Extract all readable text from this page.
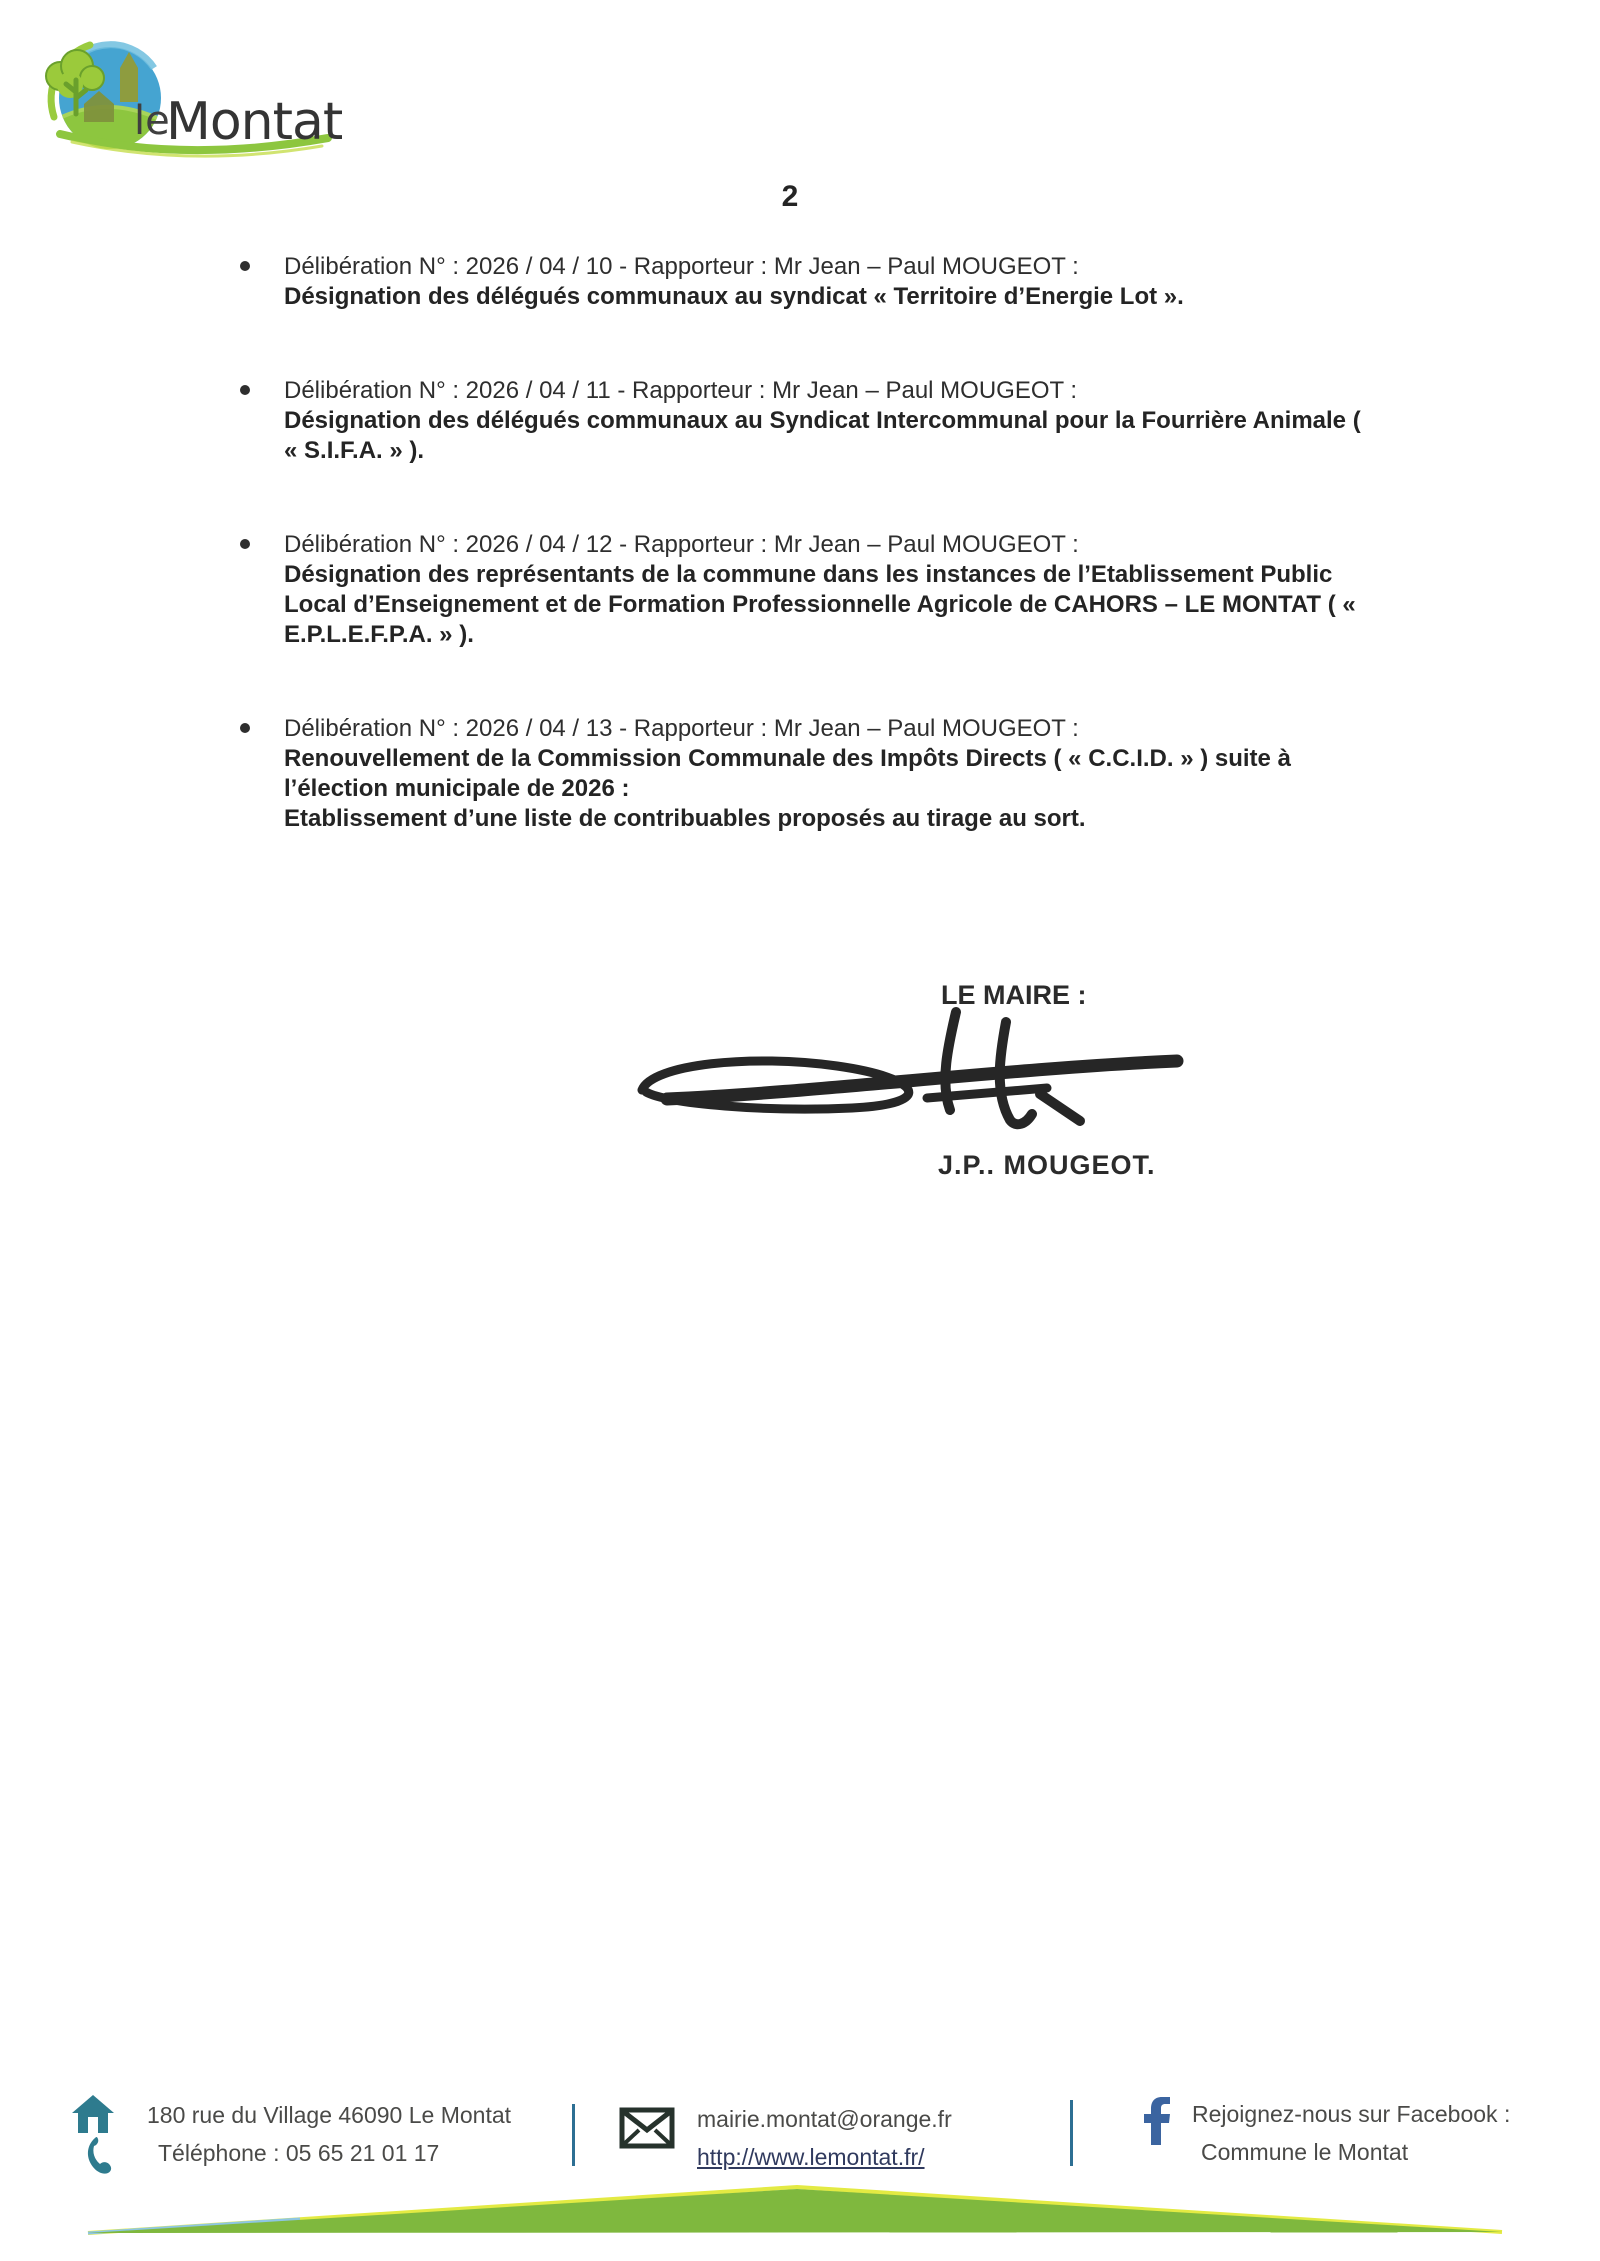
le
Montat
2
Délibération N° : 2026 / 04 / 10 - Rapporteur : Mr Jean – Paul MOUGEOT :
Désignation des délégués communaux au syndicat « Territoire d’Energie Lot ».
Délibération N° : 2026 / 04 / 11 - Rapporteur : Mr Jean – Paul MOUGEOT :
Désignation des délégués communaux au Syndicat Intercommunal pour la Fourrière Animale ( « S.I.F.A. » ).
Délibération N° : 2026 / 04 / 12 - Rapporteur : Mr Jean – Paul MOUGEOT :
Désignation des représentants de la commune dans les instances de l’Etablissement Public Local d’Enseignement et de Formation Professionnelle Agricole de CAHORS – LE MONTAT ( « E.P.L.E.F.P.A. » ).
Délibération N° : 2026 / 04 / 13 - Rapporteur : Mr Jean – Paul MOUGEOT :
Renouvellement de la Commission Communale des Impôts Directs ( « C.C.I.D. » ) suite à l’élection municipale de 2026 :
Etablissement d’une liste de contribuables proposés au tirage au sort.
LE MAIRE :
J.P.. MOUGEOT.
180 rue du Village 46090 Le Montat
Téléphone : 05 65 21 01 17
mairie.montat@orange.fr
http://www.lemontat.fr/
Rejoignez-nous sur Facebook :
Commune le Montat
